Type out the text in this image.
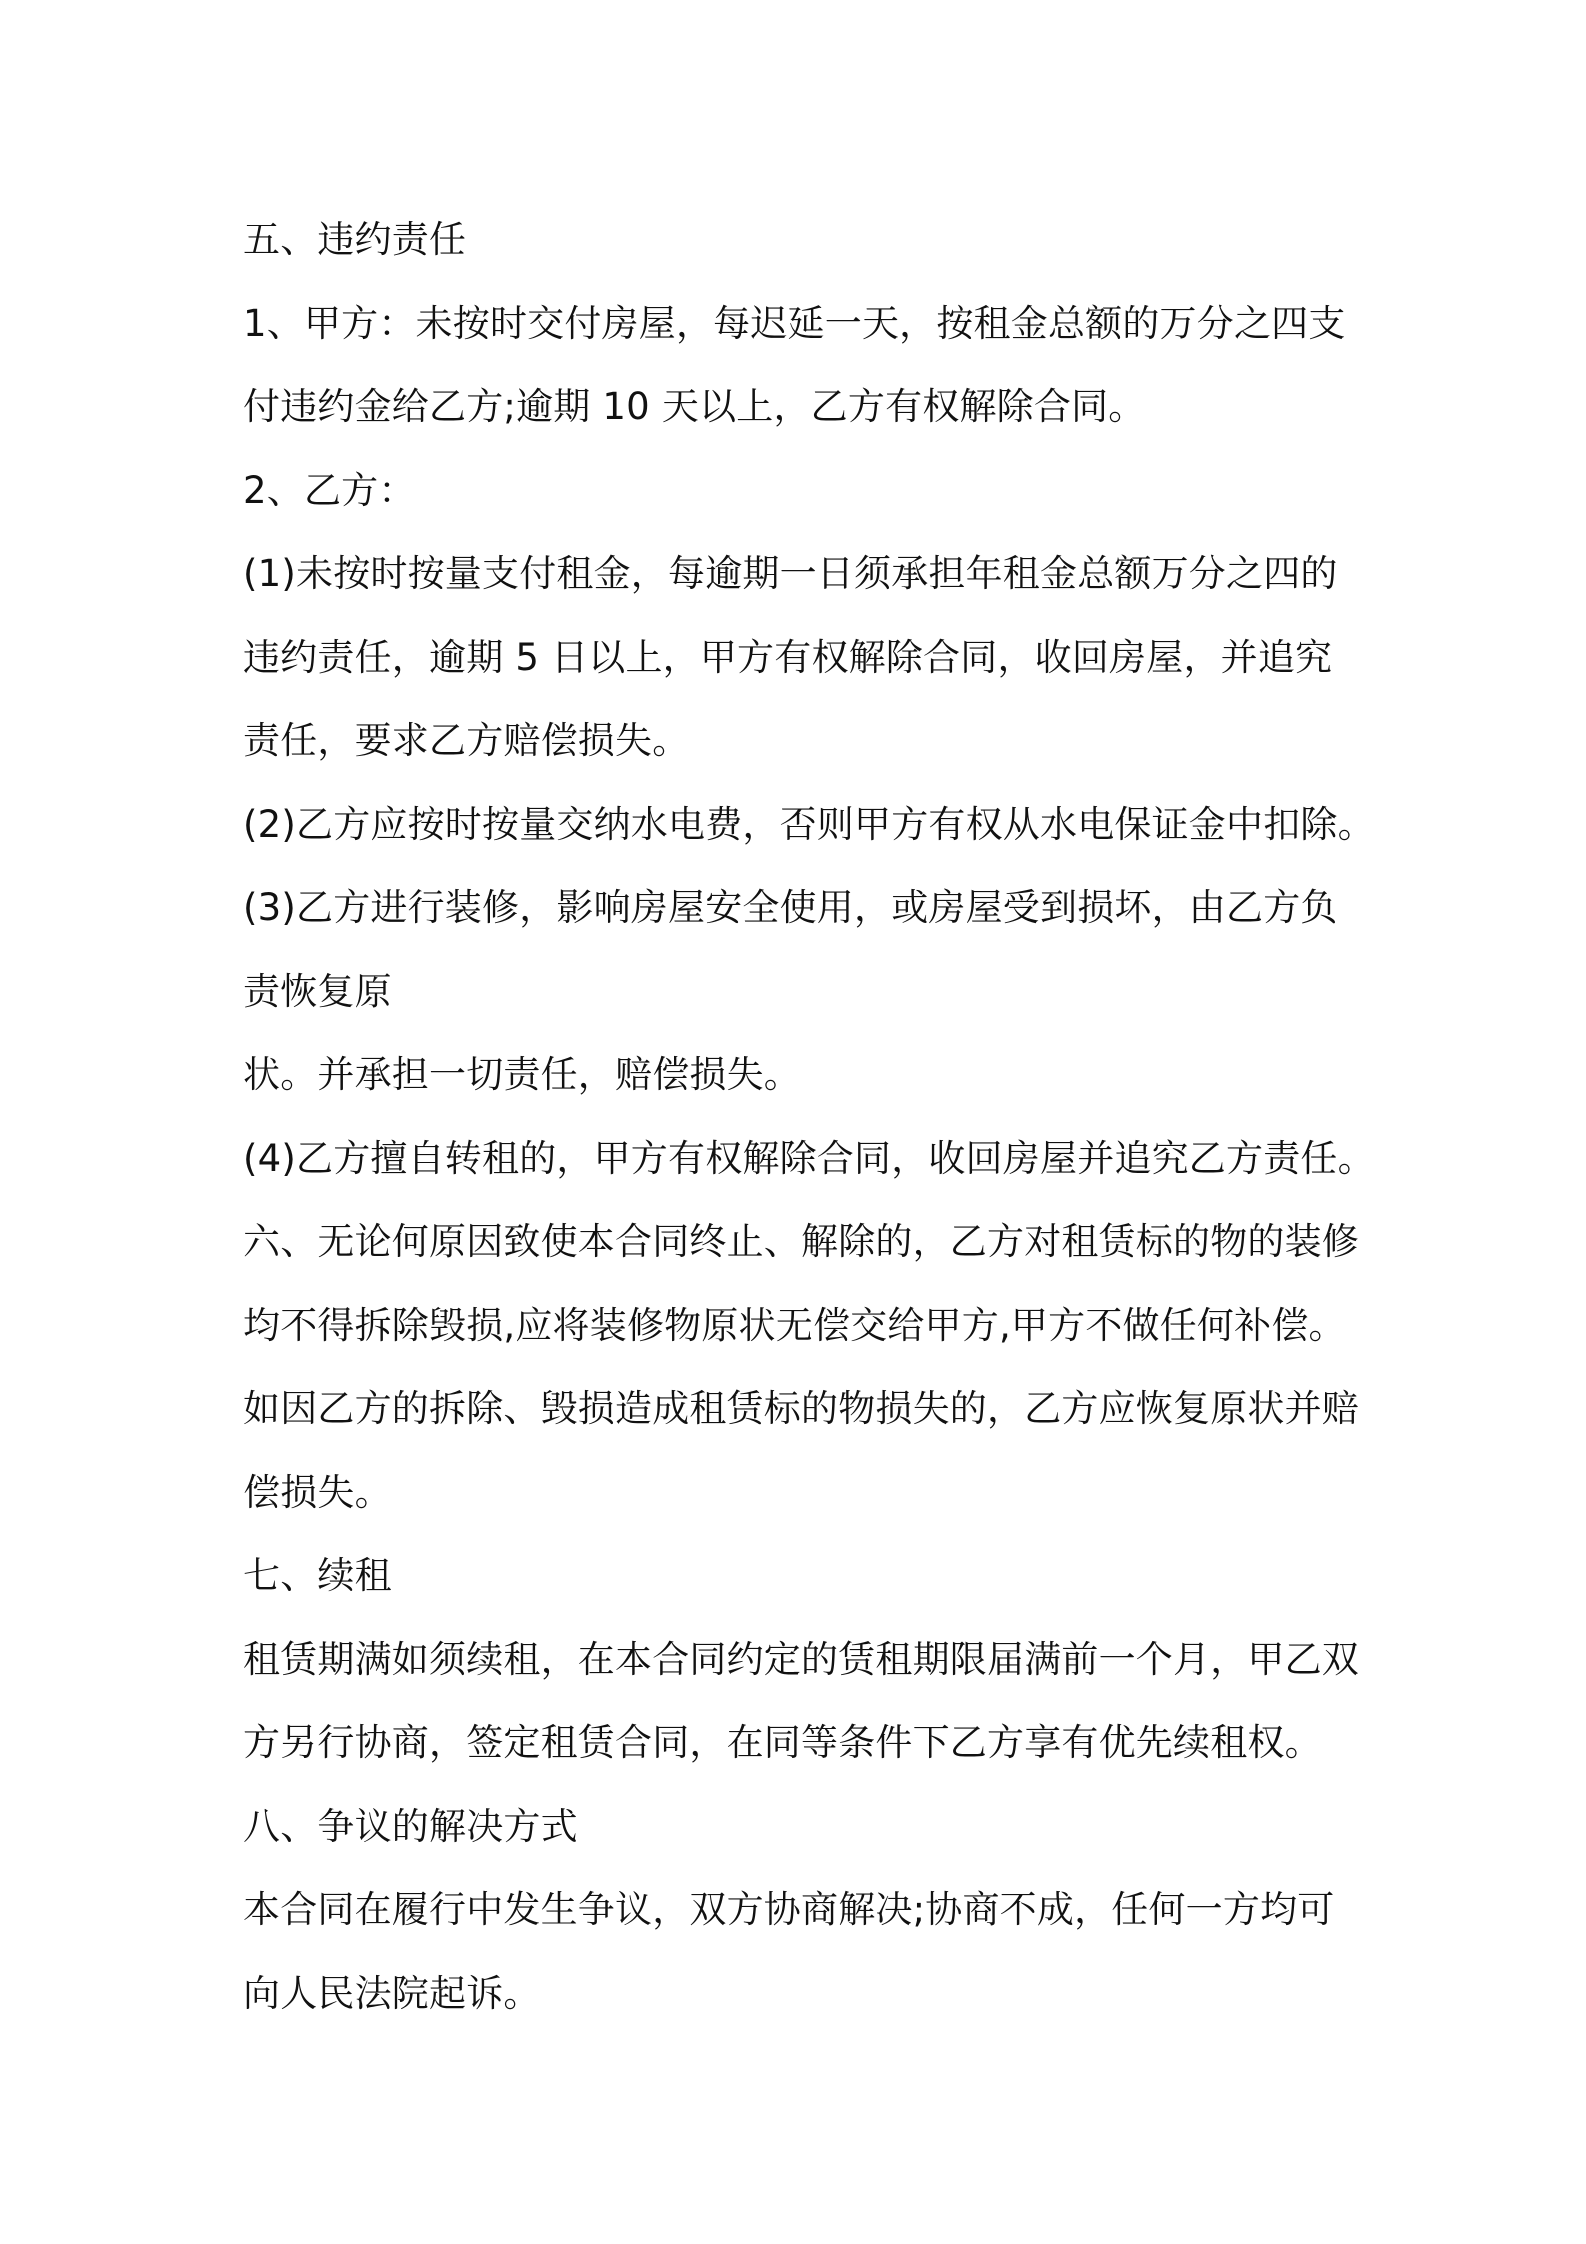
五、违约责任
1、甲方：未按时交付房屋，每迟延一天，按租金总额的万分之四支
付违约金给乙方;逾期 10 天以上，乙方有权解除合同。
2、乙方：
(1)未按时按量支付租金，每逾期一日须承担年租金总额万分之四的
违约责任，逾期 5 日以上，甲方有权解除合同，收回房屋，并追究
责任，要求乙方赔偿损失。
(2)乙方应按时按量交纳水电费，否则甲方有权从水电保证金中扣除。
(3)乙方进行装修，影响房屋安全使用，或房屋受到损坏，由乙方负
责恢复原
状。并承担一切责任，赔偿损失。
(4)乙方擅自转租的，甲方有权解除合同，收回房屋并追究乙方责任。
六、无论何原因致使本合同终止、解除的，乙方对租赁标的物的装修
均不得拆除毁损,应将装修物原状无偿交给甲方,甲方不做任何补偿。
如因乙方的拆除、毁损造成租赁标的物损失的，乙方应恢复原状并赔
偿损失。
七、续租
租赁期满如须续租，在本合同约定的赁租期限届满前一个月，甲乙双
方另行协商，签定租赁合同，在同等条件下乙方享有优先续租权。
八、争议的解决方式
本合同在履行中发生争议，双方协商解决;协商不成，任何一方均可
向人民法院起诉。
